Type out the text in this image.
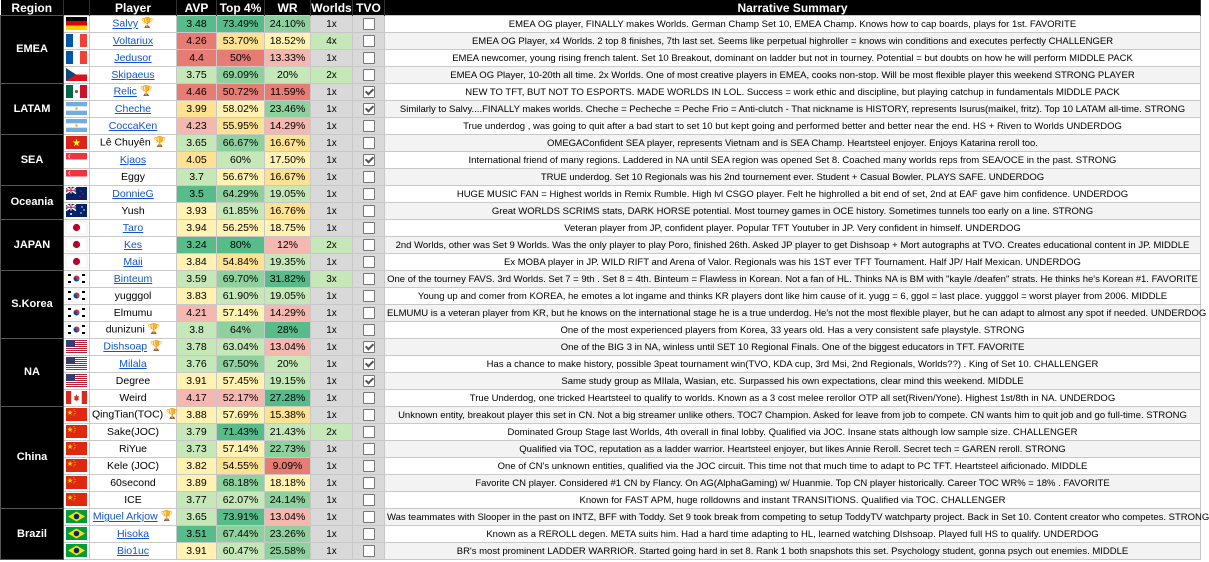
Region		Player	AVP	Top 4%	WR	Worlds	TVO	Narrative Summary
EMEA		Salvy 🏆	3.48	73.49%	24.10%	1x		EMEA OG player, FINALLY makes Worlds. German Champ Set 10, EMEA Champ. Knows how to cap boards, plays for 1st. FAVORITE
	Voltariux	4.26	53.70%	18.52%	4x		EMEA OG Player, x4 Worlds. 2 top 8 finishes, 7th last set. Seems like perpetual highroller = knows win conditions and executes perfectly CHALLENGER
	Jedusor	4.4	50%	13.33%	1x		EMEA newcomer, young rising french talent. Set 10 Breakout, dominant on ladder but not in tourney. Potential = but doubts on how he will perform MIDDLE PACK
	Skipaeus	3.75	69.09%	20%	2x		EMEA OG Player, 10-20th all time. 2x Worlds. One of most creative players in EMEA, cooks non-stop. Will be most flexible player this weekend STRONG PLAYER
LATAM		Relic 🏆	4.46	50.72%	11.59%	1x		NEW TO TFT, BUT NOT TO ESPORTS. MADE WORLDS IN LOL. Success = work ethic and discipline, but playing catchup in fundamentals MIDDLE PACK
	Cheche	3.99	58.02%	23.46%	1x		Similarly to Salvy....FINALLY makes worlds. Cheche = Pecheche = Peche Frio = Anti-clutch - That nickname is HISTORY, represents Isurus(maikel, fritz). Top 10 LATAM all-time. STRONG
	CoccaKen	4.23	55.95%	14.29%	1x		True underdog , was going to quit after a bad start to set 10 but kept going and performed better and better near the end. HS + Riven to Worlds UNDERDOG
SEA		Lê Chuyên 🏆	3.65	66.67%	16.67%	1x		OMEGAConfident SEA player, represents Vietnam and is SEA Champ. Heartsteel enjoyer. Enjoys Katarina reroll too.
	Kjaos	4.05	60%	17.50%	1x		International friend of many regions. Laddered in NA until SEA region was opened Set 8. Coached many worlds reps from SEA/OCE in the past. STRONG
	Eggy	3.7	56.67%	16.67%	1x		TRUE underdog. Set 10 Regionals was his 2nd tournement ever. Student + Casual Bowler. PLAYS SAFE. UNDERDOG
Oceania		DonnieG	3.5	64.29%	19.05%	1x		HUGE MUSIC FAN = Highest worlds in Remix Rumble. High lvl CSGO player. Felt he highrolled a bit end of set, 2nd at EAF gave him confidence. UNDERDOG
	Yush	3.93	61.85%	16.76%	1x		Great WORLDS SCRIMS stats, DARK HORSE potential. Most tourney games in OCE history. Sometimes tunnels too early on a line. STRONG
JAPAN		Taro	3.94	56.25%	18.75%	1x		Veteran player from JP, confident player. Popular TFT Youtuber in JP. Very confident in himself. UNDERDOG
	Kes	3.24	80%	12%	2x		2nd Worlds, other was Set 9 Worlds. Was the only player to play Poro, finished 26th. Asked JP player to get Dishsoap + Mort autographs at TVO. Creates educational content in JP. MIDDLE
	Maii	3.84	54.84%	19.35%	1x		Ex MOBA player in JP. WILD RIFT and Arena of Valor. Regionals was his 1ST ever TFT Tournament. Half JP/ Half Mexican. UNDERDOG
S.Korea		Binteum	3.59	69.70%	31.82%	3x		One of the tourney FAVS. 3rd Worlds. Set 7 = 9th . Set 8 = 4th. Binteum = Flawless in Korean. Not a fan of HL. Thinks NA is BM with "kayle /deafen" strats. He thinks he's Korean #1. FAVORITE
	yugggol	3.83	61.90%	19.05%	1x		Young up and comer from KOREA, he emotes a lot ingame and thinks KR players dont like him cause of it. yugg = 6, ggol = last place. yugggol = worst player from 2006. MIDDLE
	Elmumu	4.21	57.14%	14.29%	1x		ELMUMU is a veteran player from KR, but he knows on the international stage he is a true underdog. He's not the most flexible player, but he can adapt to almost any spot if needed. UNDERDOG
	dunizuni 🏆	3.8	64%	28%	1x		One of the most experienced players from Korea, 33 years old. Has a very consistent safe playstyle. STRONG
NA		Dishsoap 🏆	3.78	63.04%	13.04%	1x		One of the BIG 3 in NA, winless until SET 10 Regional Finals. One of the biggest educators in TFT. FAVORITE
	Milala	3.76	67.50%	20%	1x		Has a chance to make history, possible 3peat tournament win(TVO, KDA cup, 3rd Msi, 2nd Regionals, Worlds??) . King of Set 10. CHALLENGER
	Degree	3.91	57.45%	19.15%	1x		Same study group as MIlala, Wasian, etc. Surpassed his own expectations, clear mind this weekend. MIDDLE
	Weird	4.17	52.17%	27.28%	1x		True Underdog, one tricked Heartsteel to qualify to worlds. Known as a 3 cost melee rerollor OTP all set(Riven/Yone). Highest 1st/8th in NA. UNDERDOG
China		QingTian(TOC) 🏆	3.88	57.69%	15.38%	1x		Unknown entity, breakout player this set in CN. Not a big streamer unlike others. TOC7 Champion. Asked for leave from job to compete. CN wants him to quit job and go full-time. STRONG
	Sake(JOC)	3.79	71.43%	21.43%	2x		Dominated Group Stage last Worlds, 4th overall in final lobby. Qualified via JOC. Insane stats although low sample size. CHALLENGER
	RiYue	3.73	57.14%	22.73%	1x		Qualified via TOC, reputation as a ladder warrior. Heartsteel enjoyer, but likes Annie Reroll. Secret tech = GAREN reroll. STRONG
	Kele (JOC)	3.82	54.55%	9.09%	1x		One of CN's unknown entities, qualified via the JOC circuit. This time not that much time to adapt to PC TFT. Heartsteel aificionado. MIDDLE
	60second	3.89	68.18%	18.18%	1x		Favorite CN player. Considered #1 CN by Flancy. On AG(AlphaGaming) w/ Huanmie. Top CN player historically. Career TOC WR% = 18% . FAVORITE
	ICE	3.77	62.07%	24.14%	1x		Known for FAST APM, huge rolldowns and instant TRANSITIONS. Qualified via TOC. CHALLENGER
Brazil		Miguel Arkjow 🏆	3.65	73.91%	13.04%	1x		Was teammates with Slooper in the past on INTZ, BFF with Toddy. Set 9 took break from competing to setup ToddyTV watchparty project. Back in Set 10. Content creator who competes. STRONG
	Hisoka	3.51	67.44%	23.26%	1x		Known as a REROLL degen. META suits him. Had a hard time adapting to HL, learned watching DIshsoap. Played full HS to qualify. UNDERDOG
	Bio1uc	3.91	60.47%	25.58%	1x		BR's most prominent LADDER WARRIOR. Started going hard in set 8. Rank 1 both snapshots this set. Psychology student, gonna psych out enemies. MIDDLE
